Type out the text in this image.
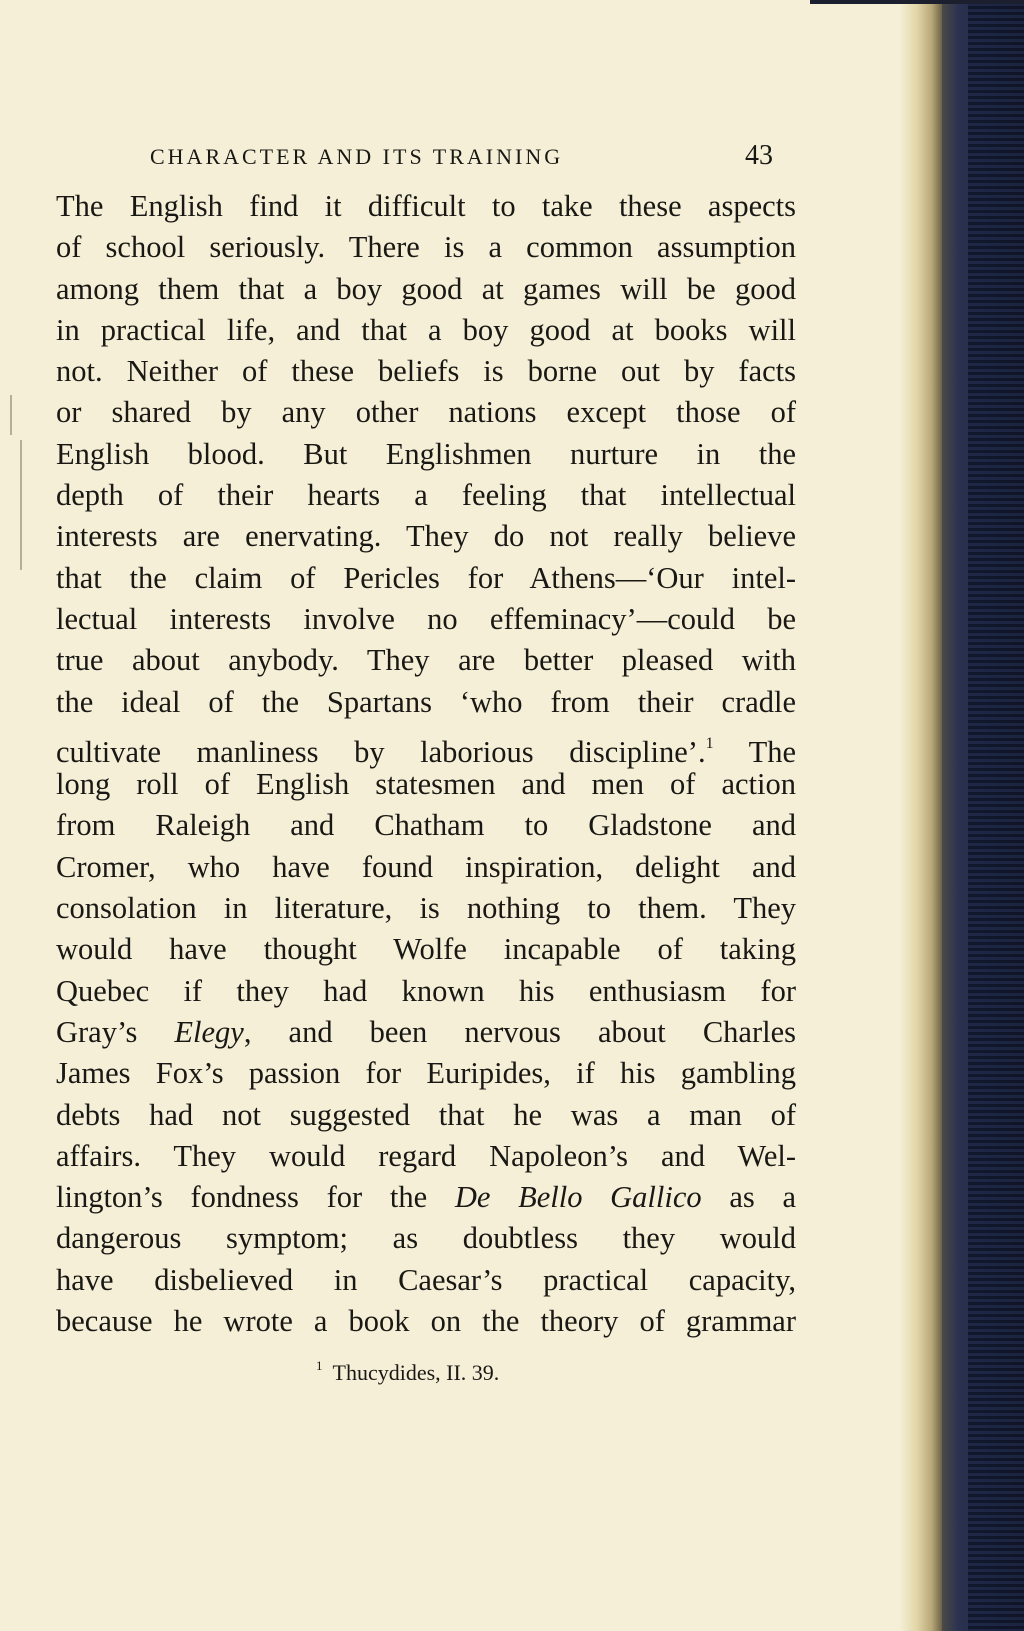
CHARACTER AND ITS TRAINING	43
The English find it difficult to take these aspects
of school seriously. There is a common assumption
among them that a boy good at games will be good
in practical life, and that a boy good at books will
not. Neither of these beliefs is borne out by facts
or shared by any other nations except those of
English blood. But Englishmen nurture in the
depth of their hearts a feeling that intellectual
interests are enervating. They do not really believe
that the claim of Pericles for Athens—‘Our intel-
lectual interests involve no effeminacy’—could be
true about anybody. They are better pleased with
the ideal of the Spartans ‘who from their cradle
cultivate manliness by laborious discipline’.$^1$ The
long roll of English statesmen and men of action
from Raleigh and Chatham to Gladstone and
Cromer, who have found inspiration, delight and
consolation in literature, is nothing to them. They
would have thought Wolfe incapable of taking
Quebec if they had known his enthusiasm for
Gray’s Elegy, and been nervous about Charles
James Fox’s passion for Euripides, if his gambling
debts had not suggested that he was a man of
affairs. They would regard Napoleon’s and Wel-
lington’s fondness for the De Bello Gallico as a
dangerous symptom; as doubtless they would
have disbelieved in Caesar’s practical capacity,
because he wrote a book on the theory of grammar
$^1$ Thucydides, II. 39.
